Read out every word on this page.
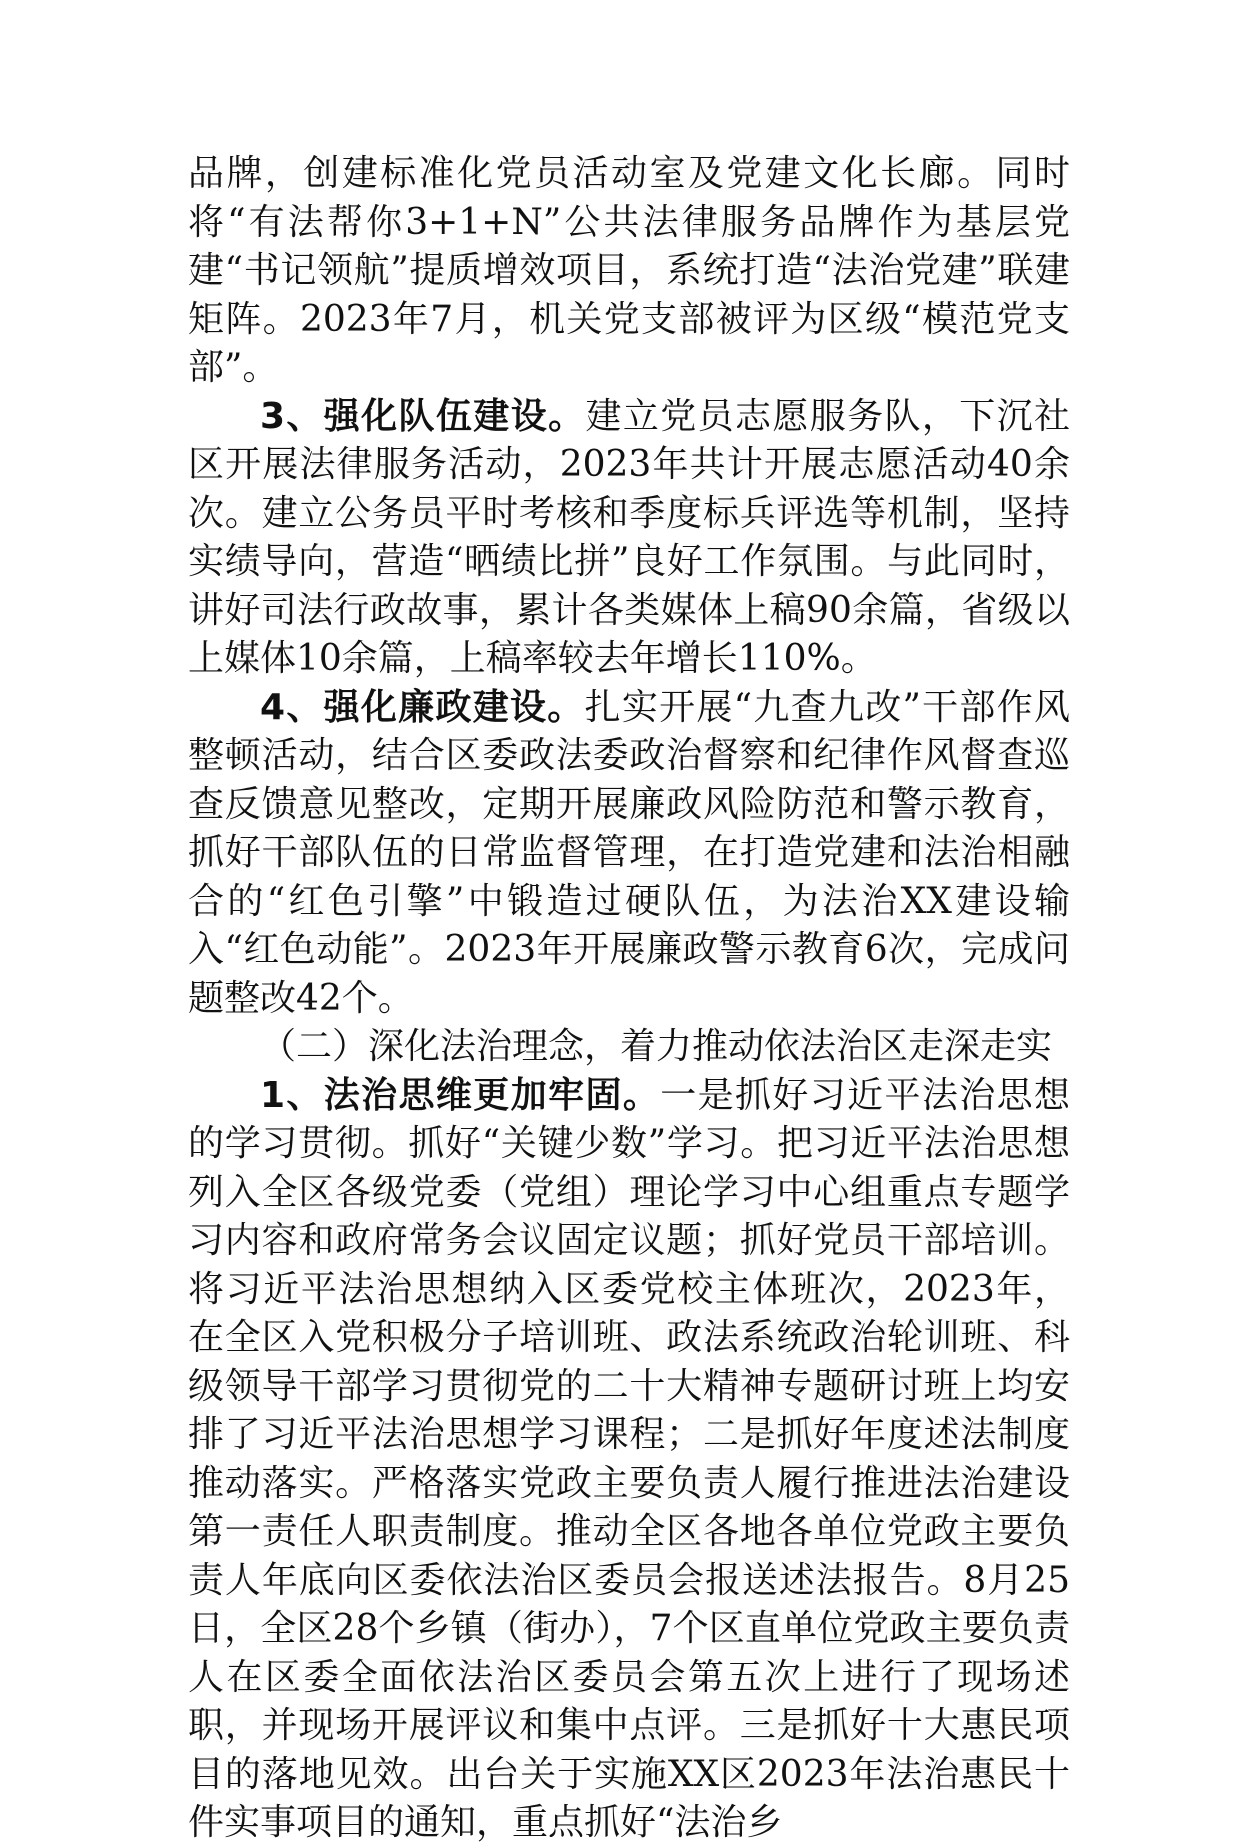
品牌，创建标准化党员活动室及党建文化长廊。同时将“有法帮你3+1+N”公共法律服务品牌作为基层党建“书记领航”提质增效项目，系统打造“法治党建”联建矩阵。2023年7月，机关党支部被评为区级“模范党支部”。

3、强化队伍建设。建立党员志愿服务队，下沉社区开展法律服务活动，2023年共计开展志愿活动40余次。建立公务员平时考核和季度标兵评选等机制，坚持实绩导向，营造“晒绩比拼”良好工作氛围。与此同时，讲好司法行政故事，累计各类媒体上稿90余篇，省级以上媒体10余篇，上稿率较去年增长110%。

4、强化廉政建设。扎实开展“九查九改”干部作风整顿活动，结合区委政法委政治督察和纪律作风督查巡查反馈意见整改，定期开展廉政风险防范和警示教育，抓好干部队伍的日常监督管理，在打造党建和法治相融合的“红色引擎”中锻造过硬队伍，为法治XX建设输入“红色动能”。2023年开展廉政警示教育6次，完成问题整改42个。

（二）深化法治理念，着力推动依法治区走深走实

1、法治思维更加牢固。一是抓好习近平法治思想的学习贯彻。抓好“关键少数”学习。把习近平法治思想列入全区各级党委（党组）理论学习中心组重点专题学习内容和政府常务会议固定议题；抓好党员干部培训。将习近平法治思想纳入区委党校主体班次，2023年，在全区入党积极分子培训班、政法系统政治轮训班、科级领导干部学习贯彻党的二十大精神专题研讨班上均安排了习近平法治思想学习课程；二是抓好年度述法制度推动落实。严格落实党政主要负责人履行推进法治建设第一责任人职责制度。推动全区各地各单位党政主要负责人年底向区委依法治区委员会报送述法报告。8月25日，全区28个乡镇（街办），7个区直单位党政主要负责人在区委全面依法治区委员会第五次上进行了现场述职，并现场开展评议和集中点评。三是抓好十大惠民项目的落地见效。出台关于实施XX区2023年法治惠民十件实事项目的通知，重点抓好“法治乡
